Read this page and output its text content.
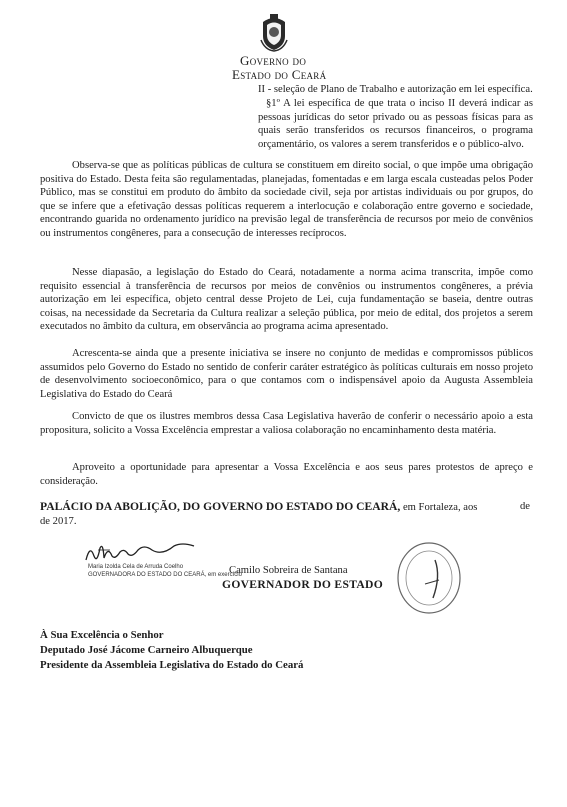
Governo do
Estado do Ceará
II - seleção de Plano de Trabalho e autorização em lei específica.
§1º A lei específica de que trata o inciso II deverá indicar as pessoas jurídicas do setor privado ou as pessoas físicas para as quais serão transferidos os recursos financeiros, o programa orçamentário, os valores a serem transferidos e o público-alvo.
Observa-se que as políticas públicas de cultura se constituem em direito social, o que impõe uma obrigação positiva do Estado. Desta feita são regulamentadas, planejadas, fomentadas e em larga escala custeadas pelos Poder Público, mas se constitui em produto do âmbito da sociedade civil, seja por artistas individuais ou por grupos, do que se infere que a efetivação dessas políticas requerem a interlocução e colaboração entre governo e sociedade, encontrando guarida no ordenamento jurídico na previsão legal de transferência de recursos por meio de convênios ou instrumentos congêneres, para a consecução de interesses recíprocos.
Nesse diapasão, a legislação do Estado do Ceará, notadamente a norma acima transcrita, impõe como requisito essencial à transferência de recursos por meios de convênios ou instrumentos congêneres, a prévia autorização em lei específica, objeto central desse Projeto de Lei, cuja fundamentação se baseia, dentre outras coisas, na necessidade da Secretaria da Cultura realizar a seleção pública, por meio de edital, dos projetos a serem executados no âmbito da cultura, em observância ao programa acima apresentado.
Acrescenta-se ainda que a presente iniciativa se insere no conjunto de medidas e compromissos públicos assumidos pelo Governo do Estado no sentido de conferir caráter estratégico às políticas culturais em nosso projeto de desenvolvimento socioeconômico, para o que contamos com o indispensável apoio da Augusta Assembleia Legislativa do Estado do Ceará
Convicto de que os ilustres membros dessa Casa Legislativa haverão de conferir o necessário apoio a esta propositura, solicito a Vossa Excelência emprestar a valiosa colaboração no encaminhamento desta matéria.
Aproveito a oportunidade para apresentar a Vossa Excelência e aos seus pares protestos de apreço e consideração.
PALÁCIO DA ABOLIÇÃO, DO GOVERNO DO ESTADO DO CEARÁ, em Fortaleza, aos	de
de 2017.
Maria Izolda Cela de Arruda Coelho
GOVERNADORA DO ESTADO DO CEARÁ, em exercício
Camilo Sobreira de Santana
GOVERNADOR DO ESTADO
À Sua Excelência o Senhor
Deputado José Jácome Carneiro Albuquerque
Presidente da Assembleia Legislativa do Estado do Ceará
